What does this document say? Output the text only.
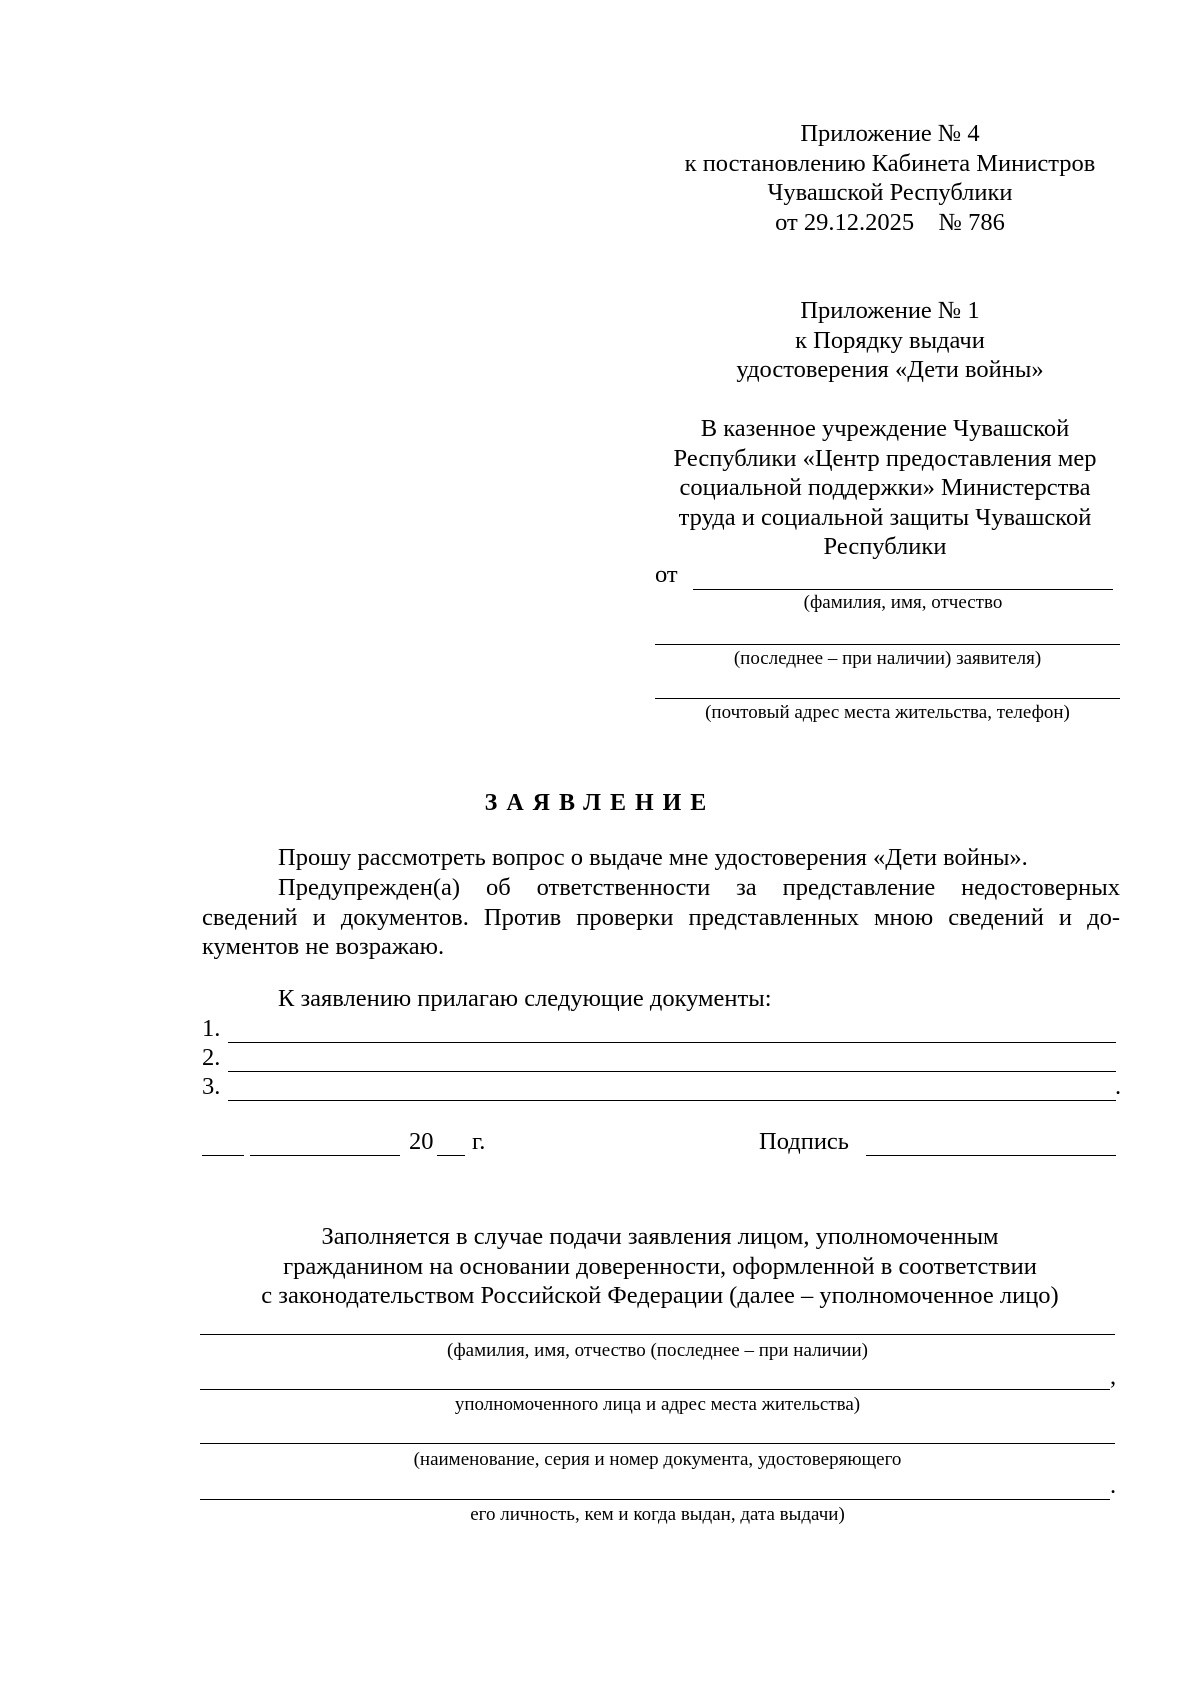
Приложение № 4
к постановлению Кабинета Министров
Чувашской Республики
от 29.12.2025    № 786
Приложение № 1
к Порядку выдачи
удостоверения «Дети войны»
В казенное учреждение Чувашской
Республики «Центр предоставления мер
социальной поддержки» Министерства
труда и социальной защиты Чувашской
Республики
от
(фамилия, имя, отчество
(последнее – при наличии) заявителя)
(почтовый адрес места жительства, телефон)
ЗАЯВЛЕНИЕ
Прошу рассмотреть вопрос о выдаче мне удостоверения «Дети войны».
Предупрежден(а) об ответственности за представление недостоверных
сведений и документов. Против проверки представленных мною сведений и до-
кументов не возражаю.
К заявлению прилагаю следующие документы:
1.
2.
3.	.
20 г.	Подпись
Заполняется в случае подачи заявления лицом, уполномоченным
гражданином на основании доверенности, оформленной в соответствии
с законодательством Российской Федерации (далее – уполномоченное лицо)
(фамилия, имя, отчество (последнее – при наличии)
,
уполномоченного лица и адрес места жительства)
(наименование, серия и номер документа, удостоверяющего
.
его личность, кем и когда выдан, дата выдачи)
